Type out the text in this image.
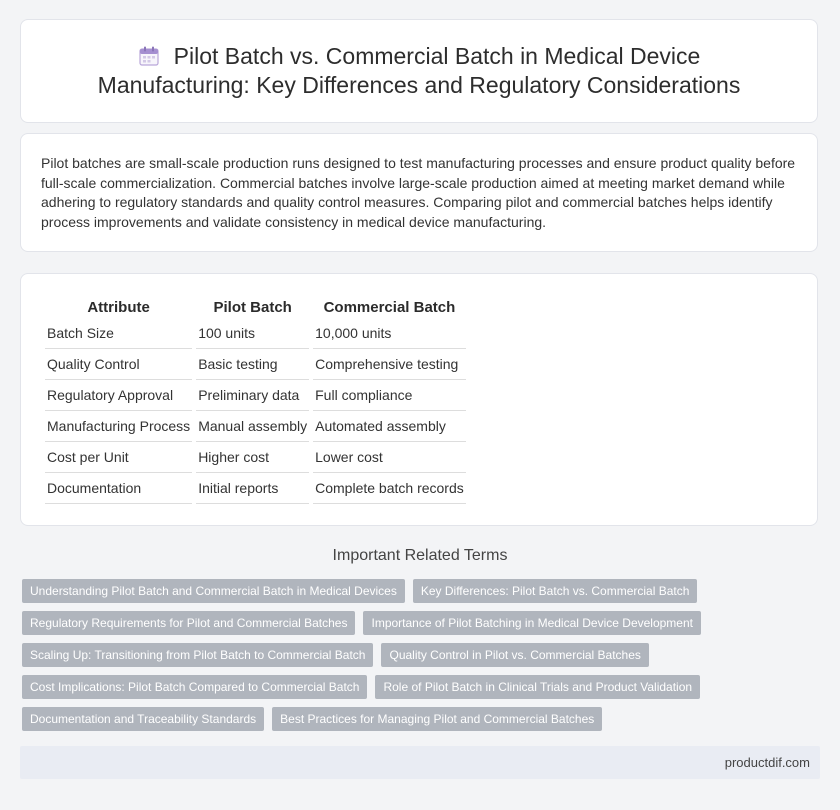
Pilot Batch vs. Commercial Batch in Medical Device
Manufacturing: Key Differences and Regulatory Considerations

Pilot batches are small-scale production runs designed to test manufacturing processes and ensure product quality before full-scale commercialization. Commercial batches involve large-scale production aimed at meeting market demand while adhering to regulatory standards and quality control measures. Comparing pilot and commercial batches helps identify process improvements and validate consistency in medical device manufacturing.

Attribute	Pilot Batch	Commercial Batch
Batch Size	100 units	10,000 units
Quality Control	Basic testing	Comprehensive testing
Regulatory Approval	Preliminary data	Full compliance
Manufacturing Process	Manual assembly	Automated assembly
Cost per Unit	Higher cost	Lower cost
Documentation	Initial reports	Complete batch records
Important Related Terms
Understanding Pilot Batch and Commercial Batch in Medical Devices	Key Differences: Pilot Batch vs. Commercial Batch
Regulatory Requirements for Pilot and Commercial Batches	Importance of Pilot Batching in Medical Device Development
Scaling Up: Transitioning from Pilot Batch to Commercial Batch	Quality Control in Pilot vs. Commercial Batches
Cost Implications: Pilot Batch Compared to Commercial Batch	Role of Pilot Batch in Clinical Trials and Product Validation
Documentation and Traceability Standards	Best Practices for Managing Pilot and Commercial Batches
productdif.com
